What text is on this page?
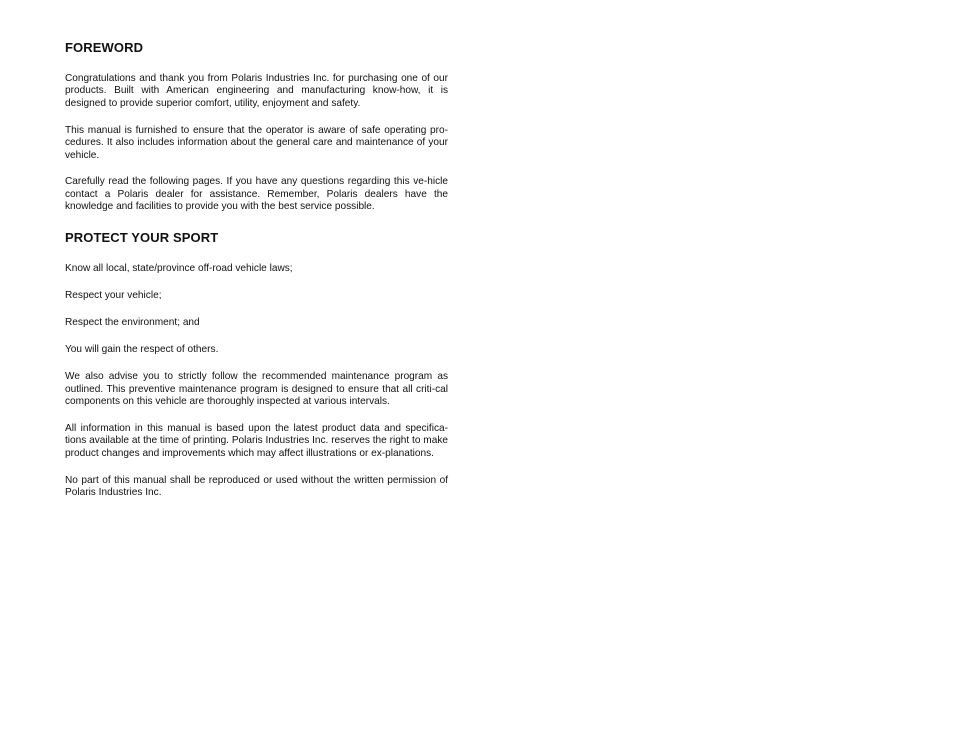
FOREWORD

Congratulations and thank you from Polaris Industries Inc. for purchasing one of our products. Built with American engineering and manufacturing know-how, it is designed to provide superior comfort, utility, enjoyment and safety.

This manual is furnished to ensure that the operator is aware of safe operating pro-cedures. It also includes information about the general care and maintenance of your vehicle.

Carefully read the following pages. If you have any questions regarding this ve-hicle contact a Polaris dealer for assistance. Remember, Polaris dealers have the knowledge and facilities to provide you with the best service possible.

PROTECT YOUR SPORT

Know all local, state/province off-road vehicle laws;

Respect your vehicle;

Respect the environment; and

You will gain the respect of others.

We also advise you to strictly follow the recommended maintenance program as outlined. This preventive maintenance program is designed to ensure that all criti-cal components on this vehicle are thoroughly inspected at various intervals.

All information in this manual is based upon the latest product data and specifica-tions available at the time of printing. Polaris Industries Inc. reserves the right to make product changes and improvements which may affect illustrations or ex-planations.

No part of this manual shall be reproduced or used without the written permission of Polaris Industries Inc.
